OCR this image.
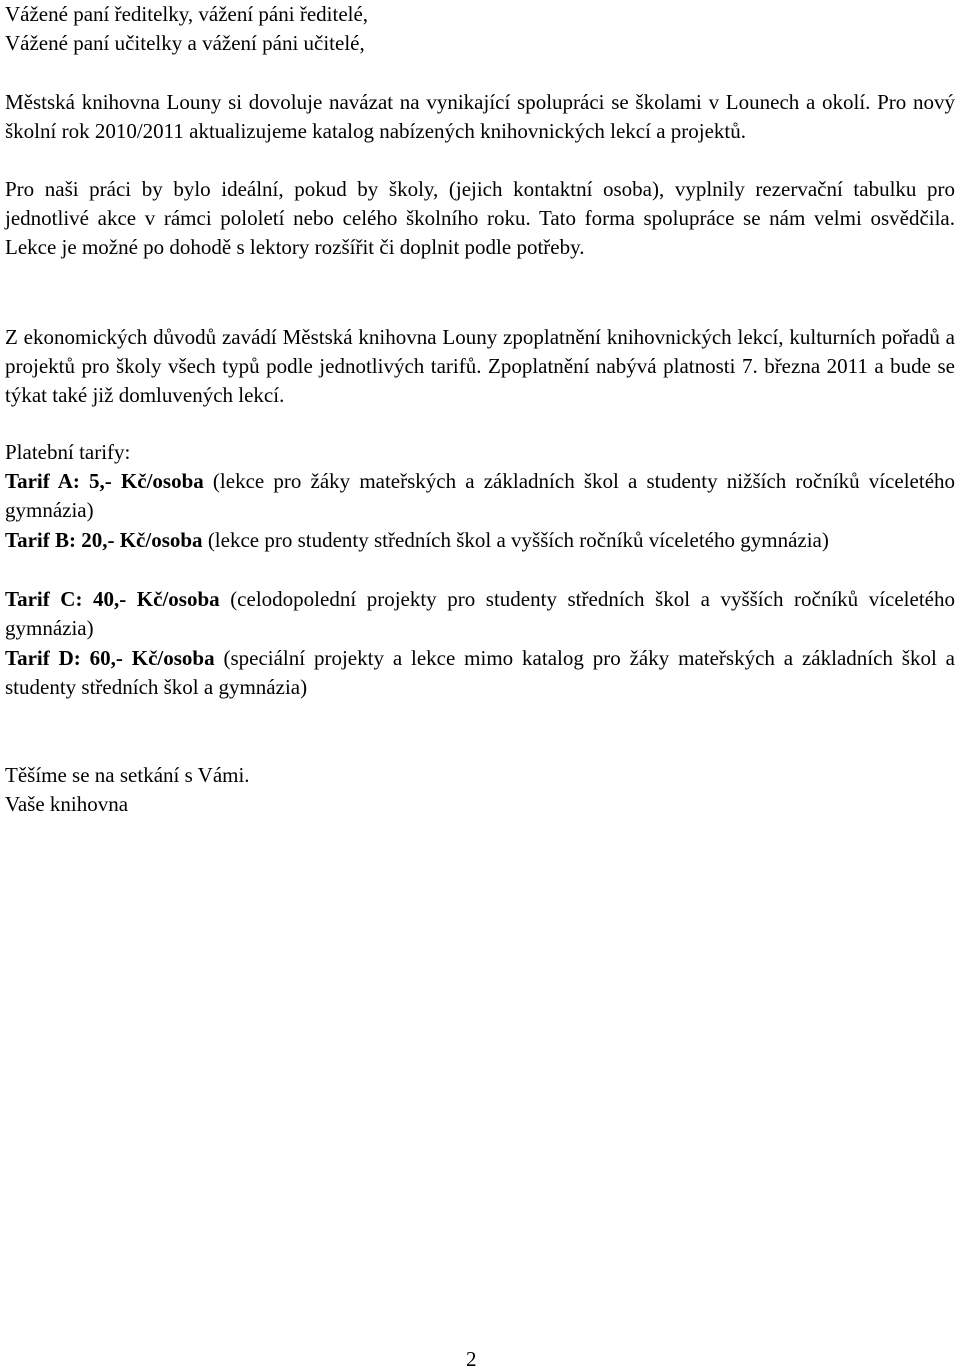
Vážené paní ředitelky, vážení páni ředitelé,
Vážené paní učitelky a vážení páni učitelé,
Městská knihovna Louny si dovoluje navázat na vynikající spolupráci se školami v Lounech a okolí. Pro nový školní rok 2010/2011 aktualizujeme katalog nabízených knihovnických lekcí a projektů.
Pro naši práci by bylo ideální, pokud by školy, (jejich kontaktní osoba), vyplnily rezervační tabulku pro jednotlivé akce v rámci pololetí nebo celého školního roku. Tato forma spolupráce se nám velmi osvědčila. Lekce je možné po dohodě s lektory rozšířit či doplnit podle potřeby.
Z ekonomických důvodů zavádí Městská knihovna Louny zpoplatnění knihovnických lekcí, kulturních pořadů a projektů pro školy všech typů podle jednotlivých tarifů. Zpoplatnění nabývá platnosti 7. března 2011 a bude se týkat také již domluvených lekcí.
Platební tarify:
Tarif A: 5,- Kč/osoba (lekce pro žáky mateřských a základních škol a studenty nižších ročníků víceletého gymnázia)
Tarif B: 20,- Kč/osoba (lekce pro studenty středních škol a vyšších ročníků víceletého gymnázia)
Tarif C: 40,- Kč/osoba (celodopolední projekty pro studenty středních škol a vyšších ročníků víceletého gymnázia)
Tarif D: 60,- Kč/osoba (speciální projekty a lekce mimo katalog pro žáky mateřských a základních škol a studenty středních škol a gymnázia)
Těšíme se na setkání s Vámi.
Vaše knihovna
2
